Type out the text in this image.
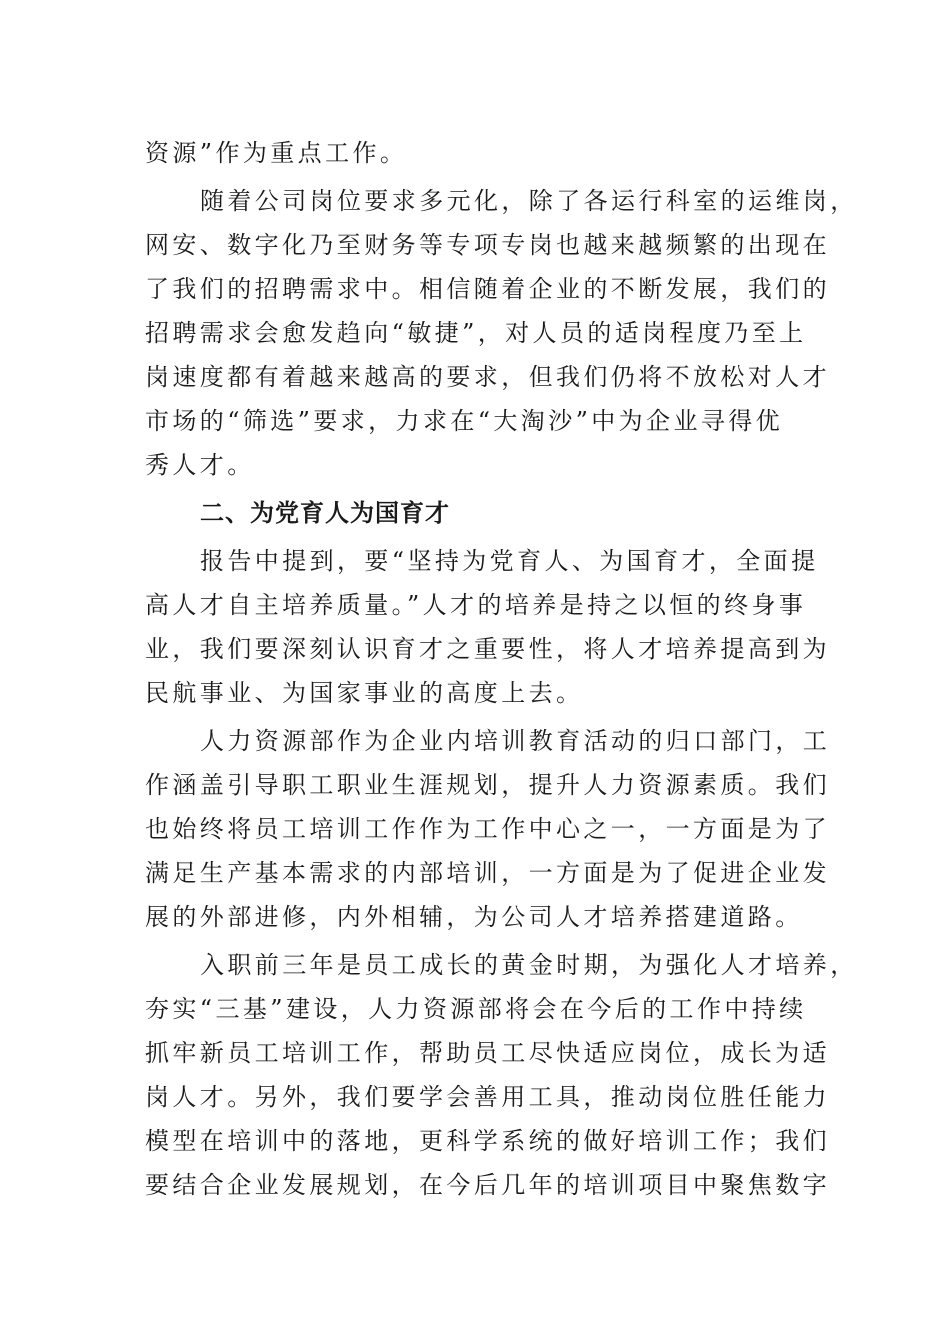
资源”作为重点工作。
随着公司岗位要求多元化，除了各运行科室的运维岗，
网安、数字化乃至财务等专项专岗也越来越频繁的出现在
了我们的招聘需求中。相信随着企业的不断发展，我们的
招聘需求会愈发趋向“敏捷”，对人员的适岗程度乃至上
岗速度都有着越来越高的要求，但我们仍将不放松对人才
市场的“筛选”要求，力求在“大淘沙”中为企业寻得优
秀人才。
二、为党育人为国育才
报告中提到，要“坚持为党育人、为国育才，全面提
高人才自主培养质量。”人才的培养是持之以恒的终身事
业，我们要深刻认识育才之重要性，将人才培养提高到为
民航事业、为国家事业的高度上去。
人力资源部作为企业内培训教育活动的归口部门，工
作涵盖引导职工职业生涯规划，提升人力资源素质。我们
也始终将员工培训工作作为工作中心之一，一方面是为了
满足生产基本需求的内部培训，一方面是为了促进企业发
展的外部进修，内外相辅，为公司人才培养搭建道路。
入职前三年是员工成长的黄金时期，为强化人才培养，
夯实“三基”建设，人力资源部将会在今后的工作中持续
抓牢新员工培训工作，帮助员工尽快适应岗位，成长为适
岗人才。另外，我们要学会善用工具，推动岗位胜任能力
模型在培训中的落地，更科学系统的做好培训工作；我们
要结合企业发展规划，在今后几年的培训项目中聚焦数字
